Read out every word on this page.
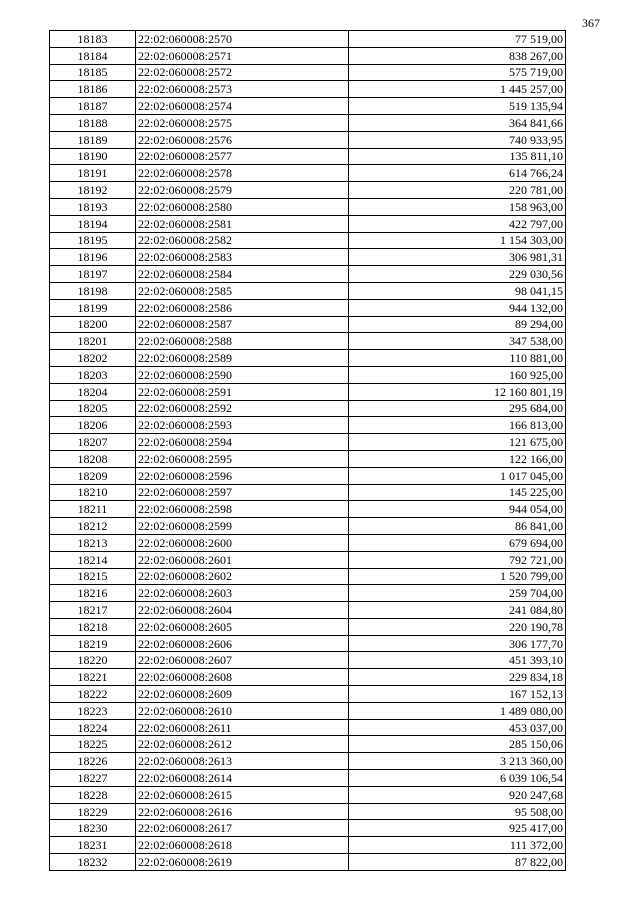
367
18183	22:02:060008:2570	77 519,00
18184	22:02:060008:2571	838 267,00
18185	22:02:060008:2572	575 719,00
18186	22:02:060008:2573	1 445 257,00
18187	22:02:060008:2574	519 135,94
18188	22:02:060008:2575	364 841,66
18189	22:02:060008:2576	740 933,95
18190	22:02:060008:2577	135 811,10
18191	22:02:060008:2578	614 766,24
18192	22:02:060008:2579	220 781,00
18193	22:02:060008:2580	158 963,00
18194	22:02:060008:2581	422 797,00
18195	22:02:060008:2582	1 154 303,00
18196	22:02:060008:2583	306 981,31
18197	22:02:060008:2584	229 030,56
18198	22:02:060008:2585	98 041,15
18199	22:02:060008:2586	944 132,00
18200	22:02:060008:2587	89 294,00
18201	22:02:060008:2588	347 538,00
18202	22:02:060008:2589	110 881,00
18203	22:02:060008:2590	160 925,00
18204	22:02:060008:2591	12 160 801,19
18205	22:02:060008:2592	295 684,00
18206	22:02:060008:2593	166 813,00
18207	22:02:060008:2594	121 675,00
18208	22:02:060008:2595	122 166,00
18209	22:02:060008:2596	1 017 045,00
18210	22:02:060008:2597	145 225,00
18211	22:02:060008:2598	944 054,00
18212	22:02:060008:2599	86 841,00
18213	22:02:060008:2600	679 694,00
18214	22:02:060008:2601	792 721,00
18215	22:02:060008:2602	1 520 799,00
18216	22:02:060008:2603	259 704,00
18217	22:02:060008:2604	241 084,80
18218	22:02:060008:2605	220 190,78
18219	22:02:060008:2606	306 177,70
18220	22:02:060008:2607	451 393,10
18221	22:02:060008:2608	229 834,18
18222	22:02:060008:2609	167 152,13
18223	22:02:060008:2610	1 489 080,00
18224	22:02:060008:2611	453 037,00
18225	22:02:060008:2612	285 150,06
18226	22:02:060008:2613	3 213 360,00
18227	22:02:060008:2614	6 039 106,54
18228	22:02:060008:2615	920 247,68
18229	22:02:060008:2616	95 508,00
18230	22:02:060008:2617	925 417,00
18231	22:02:060008:2618	111 372,00
18232	22:02:060008:2619	87 822,00
